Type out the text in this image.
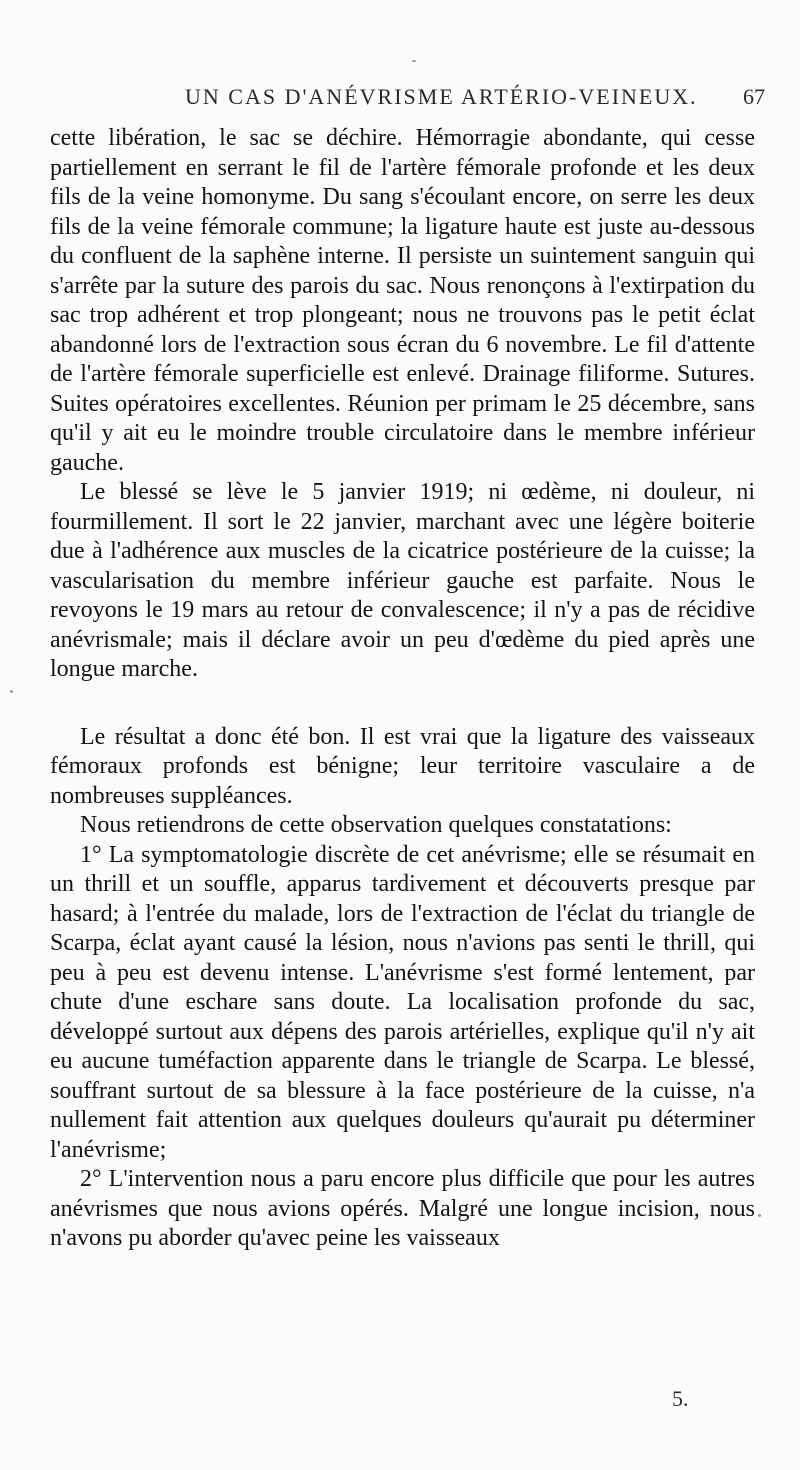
UN CAS D'ANÉVRISME ARTÉRIO-VEINEUX. 67

cette libération, le sac se déchire. Hémorragie abondante, qui cesse partiellement en serrant le fil de l'artère fémorale profonde et les deux fils de la veine homonyme. Du sang s'écoulant encore, on serre les deux fils de la veine fémorale commune; la ligature haute est juste au-dessous du confluent de la saphène interne. Il persiste un suintement sanguin qui s'arrête par la suture des parois du sac. Nous renonçons à l'extirpation du sac trop adhérent et trop plongeant; nous ne trouvons pas le petit éclat abandonné lors de l'extraction sous écran du 6 novembre. Le fil d'attente de l'artère fémorale superficielle est enlevé. Drainage filiforme. Sutures. Suites opératoires excellentes. Réunion per primam le 25 décembre, sans qu'il y ait eu le moindre trouble circulatoire dans le membre inférieur gauche.

Le blessé se lève le 5 janvier 1919; ni œdème, ni douleur, ni fourmillement. Il sort le 22 janvier, marchant avec une légère boiterie due à l'adhérence aux muscles de la cicatrice postérieure de la cuisse; la vascularisation du membre inférieur gauche est parfaite. Nous le revoyons le 19 mars au retour de convalescence; il n'y a pas de récidive anévrismale; mais il déclare avoir un peu d'œdème du pied après une longue marche.

Le résultat a donc été bon. Il est vrai que la ligature des vaisseaux fémoraux profonds est bénigne; leur territoire vasculaire a de nombreuses suppléances.

Nous retiendrons de cette observation quelques constatations:

1° La symptomatologie discrète de cet anévrisme; elle se résumait en un thrill et un souffle, apparus tardivement et découverts presque par hasard; à l'entrée du malade, lors de l'extraction de l'éclat du triangle de Scarpa, éclat ayant causé la lésion, nous n'avions pas senti le thrill, qui peu à peu est devenu intense. L'anévrisme s'est formé lentement, par chute d'une eschare sans doute. La localisation profonde du sac, développé surtout aux dépens des parois artérielles, explique qu'il n'y ait eu aucune tuméfaction apparente dans le triangle de Scarpa. Le blessé, souffrant surtout de sa blessure à la face postérieure de la cuisse, n'a nullement fait attention aux quelques douleurs qu'aurait pu déterminer l'anévrisme;

2° L'intervention nous a paru encore plus difficile que pour les autres anévrismes que nous avions opérés. Malgré une longue incision, nous n'avons pu aborder qu'avec peine les vaisseaux

5.
